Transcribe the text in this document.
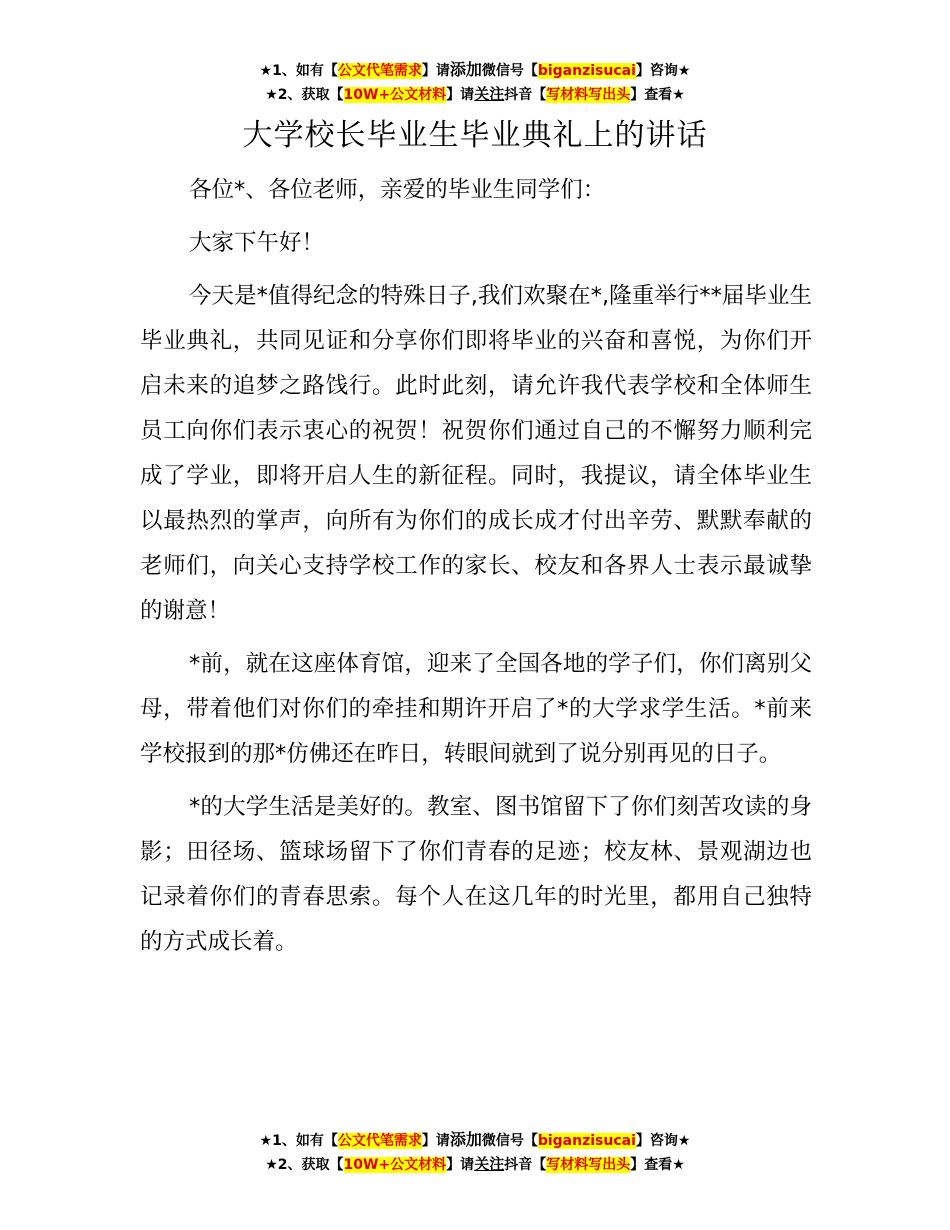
★1、如有【公文代笔需求】请添加微信号【biganzisucai】咨询★
★2、获取【10W+公文材料】请关注抖音【写材料写出头】查看★
大学校长毕业生毕业典礼上的讲话

各位*、各位老师，亲爱的毕业生同学们：

大家下午好！

今天是*值得纪念的特殊日子,我们欢聚在*,隆重举行**届毕业生毕业典礼，共同见证和分享你们即将毕业的兴奋和喜悦，为你们开启未来的追梦之路饯行。此时此刻，请允许我代表学校和全体师生员工向你们表示衷心的祝贺！祝贺你们通过自己的不懈努力顺利完成了学业，即将开启人生的新征程。同时，我提议，请全体毕业生以最热烈的掌声，向所有为你们的成长成才付出辛劳、默默奉献的老师们，向关心支持学校工作的家长、校友和各界人士表示最诚挚的谢意！

*前，就在这座体育馆，迎来了全国各地的学子们，你们离别父母，带着他们对你们的牵挂和期许开启了*的大学求学生活。*前来学校报到的那*仿佛还在昨日，转眼间就到了说分别再见的日子。

*的大学生活是美好的。教室、图书馆留下了你们刻苦攻读的身影；田径场、篮球场留下了你们青春的足迹；校友林、景观湖边也记录着你们的青春思索。每个人在这几年的时光里，都用自己独特的方式成长着。

★1、如有【公文代笔需求】请添加微信号【biganzisucai】咨询★
★2、获取【10W+公文材料】请关注抖音【写材料写出头】查看★
